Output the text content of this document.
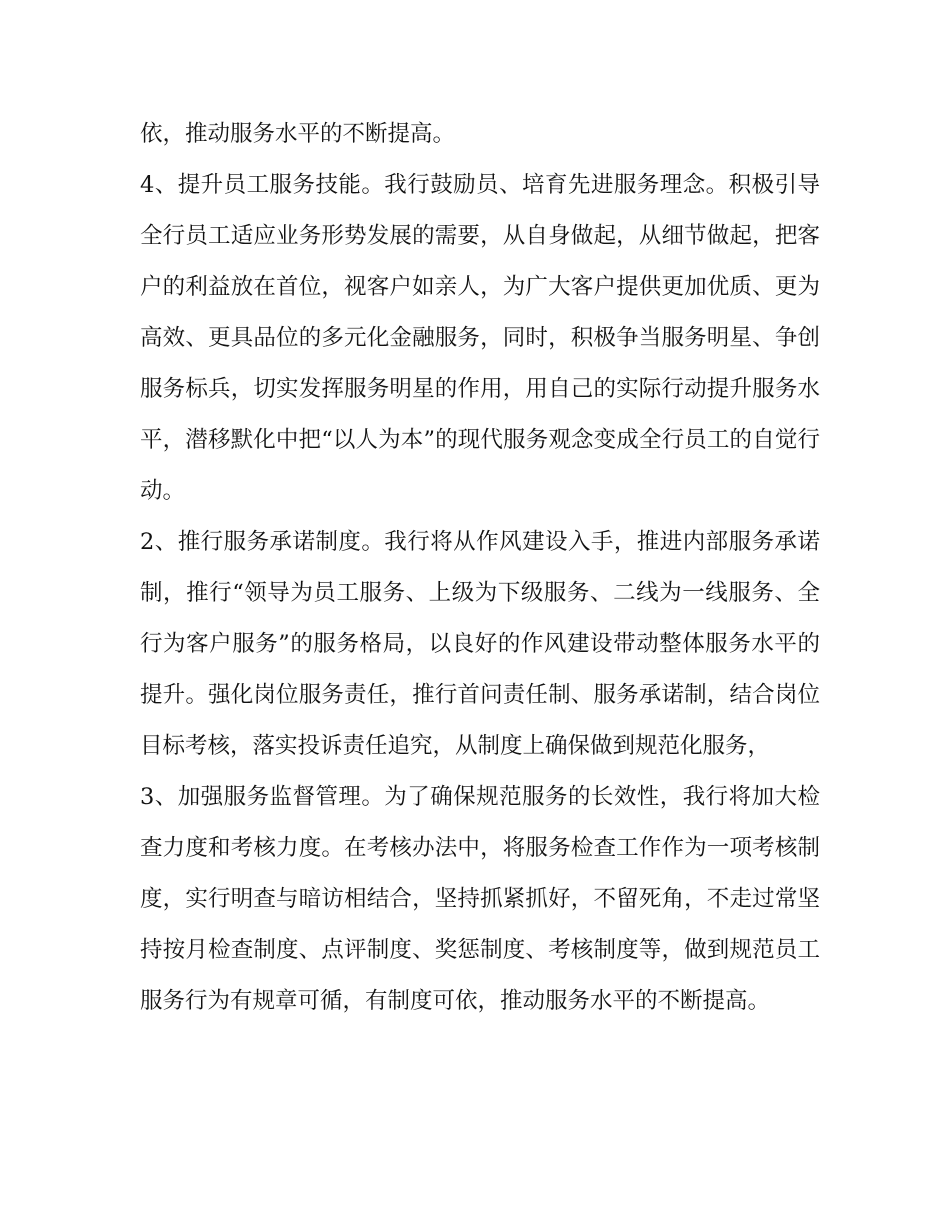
依，推动服务水平的不断提高。

4、提升员工服务技能。我行鼓励员、培育先进服务理念。积极引导全行员工适应业务形势发展的需要，从自身做起，从细节做起，把客户的利益放在首位，视客户如亲人，为广大客户提供更加优质、更为高效、更具品位的多元化金融服务，同时，积极争当服务明星、争创服务标兵，切实发挥服务明星的作用，用自己的实际行动提升服务水平，潜移默化中把“以人为本”的现代服务观念变成全行员工的自觉行动。

2、推行服务承诺制度。我行将从作风建设入手，推进内部服务承诺制，推行“领导为员工服务、上级为下级服务、二线为一线服务、全行为客户服务”的服务格局，以良好的作风建设带动整体服务水平的提升。强化岗位服务责任，推行首问责任制、服务承诺制，结合岗位目标考核，落实投诉责任追究，从制度上确保做到规范化服务，

3、加强服务监督管理。为了确保规范服务的长效性，我行将加大检查力度和考核力度。在考核办法中，将服务检查工作作为一项考核制度，实行明查与暗访相结合，坚持抓紧抓好，不留死角，不走过常坚持按月检查制度、点评制度、奖惩制度、考核制度等，做到规范员工服务行为有规章可循，有制度可依，推动服务水平的不断提高。
